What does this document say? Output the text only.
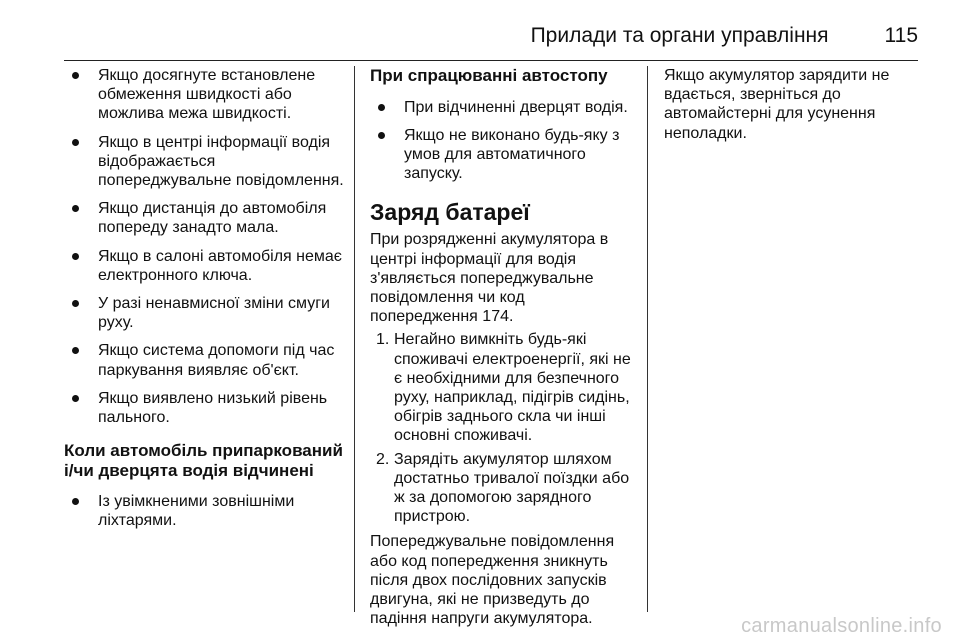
Прилади та органи управління	115
Якщо досягнуте встановлене обмеження швидкості або можлива межа швидкості.
Якщо в центрі інформації водія відображається попереджувальне повідомлення.
Якщо дистанція до автомобіля попереду занадто мала.
Якщо в салоні автомобіля немає електронного ключа.
У разі ненавмисної зміни смуги руху.
Якщо система допомоги під час паркування виявляє об'єкт.
Якщо виявлено низький рівень пального.
Коли автомобіль припаркований і/чи дверцята водія відчинені
Із увімкненими зовнішніми ліхтарями.
При спрацюванні автостопу
При відчиненні дверцят водія.
Якщо не виконано будь-яку з умов для автоматичного запуску.
Заряд батареї

При розрядженні акумулятора в центрі інформації для водія з'являється попереджувальне повідомлення чи код попередження 174.

1. Негайно вимкніть будь-які споживачі електроенергії, які не є необхідними для безпечного руху, наприклад, підігрів сидінь, обігрів заднього скла чи інші основні споживачі.
2. Зарядіть акумулятор шляхом достатньо тривалої поїздки або ж за допомогою зарядного пристрою.

Попереджувальне повідомлення або код попередження зникнуть після двох послідовних запусків двигуна, які не призведуть до падіння напруги акумулятора.

Якщо акумулятор зарядити не вдається, зверніться до автомайстерні для усунення неполадки.

carmanualsonline.info
